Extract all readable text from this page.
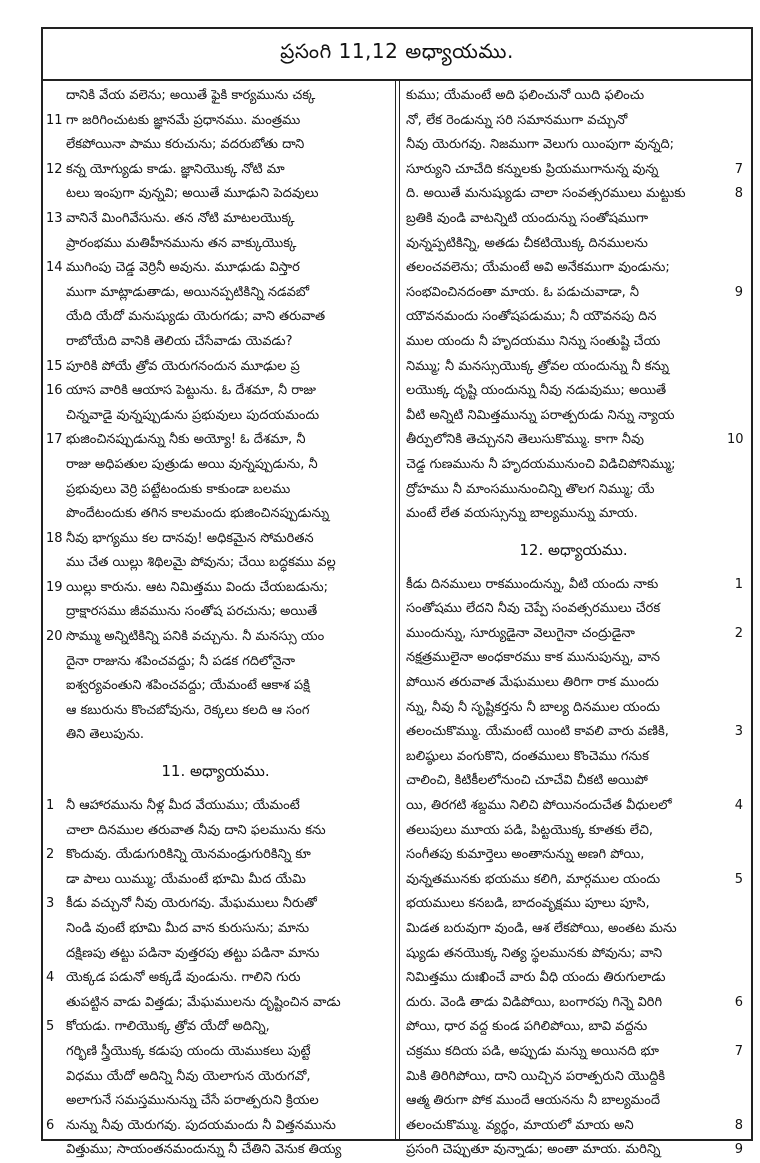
ప్రసంగి 11,12 అధ్యాయము.
దానికి వేయ వలెను; అయితే ఫైకి కార్యమును చక్క
11 గా జరిగించుటకు జ్ఞానమే ప్రధానము. మంత్రము
లేకపోయినా పాము కరుచును; వదరుబోతు దాని
12 కన్న యోగ్యుడు కాడు. జ్ఞానియొక్క నోటి మా
టలు ఇంపుగా వున్నవి; అయితే మూఢుని పెదవులు
13 వానినే మింగివేసును. తన నోటి మాటలయొక్క
ప్రారంభము మతిహీనమును తన వాక్కుయొక్క
14 ముగింపు చెడ్డ వెర్రినీ అవును. మూఢుడు విస్తార
ముగా మాట్లాడుతాడు, అయినప్పటికిన్ని నడవబో
యేది యేదో మనుష్యుడు యెరుగడు; వాని తరువాత
రాబోయేది వానికి తెలియ చేసేవాడు యెవడు?
15 పూరికి పోయే త్రోవ యెరుగనందున మూఢుల ప్ర
16 యాస వారికి ఆయాస పెట్టును. ఓ దేశమా, నీ రాజు
చిన్నవాడై వున్నప్పుడును ప్రభువులు పుదయమందు
17 భుజించినప్పుడున్ను నీకు అయ్యో! ఓ దేశమా, నీ
రాజు అధిపతుల పుత్రుడు అయి వున్నప్పుడును, నీ
ప్రభువులు వెర్రి పట్టేటందుకు కాకుండా బలము
పొందేటందుకు తగిన కాలమందు భుజించినప్పుడున్ను
18 నీవు భాగ్యము కల దానవు! అధికమైన సోమరితన
ము చేత యిల్లు శిథిలమై పోవును; చేయి బద్ధకము వల్ల
19 యిల్లు కారును. ఆట నిమిత్తము విందు చేయబడును;
ద్రాక్షారసము జీవమును సంతోష పరచును; అయితే
20 సొమ్ము అన్నిటికిన్ని పనికి వచ్చును. నీ మనస్సు యం
దైనా రాజును శపించవద్దు; నీ పడక గదిలోనైనా
ఐశ్వర్యవంతుని శపించవద్దు; యేమంటే ఆకాశ పక్షి
ఆ కబురును కొంచబోవును, రెక్కలు కలది ఆ సంగ
తిని తెలుపును.
11. అధ్యాయము.
1 నీ ఆహారమును నీళ్ల మీద వేయుము; యేమంటే
చాలా దినముల తరువాత నీవు దాని ఫలమును కను
2 కొందువు. యేడుగురికిన్ని యెనమండ్రుగురికిన్ని కూ
డా పాలు యిమ్ము; యేమంటే భూమి మీద యేమి
3 కీడు వచ్చునో నీవు యెరుగవు. మేఘములు నీరుతో
నిండి వుంటే భూమి మీద వాన కురుసును; మాను
దక్షిణపు తట్టు పడినా వుత్తరపు తట్టు పడినా మాను
4 యెక్కడ పడునో అక్కడే వుండును. గాలిని గురు
తుపట్టిన వాడు విత్తడు; మేఘములను దృష్టించిన వాడు
5 కోయడు. గాలియొక్క త్రోవ యేదో అదిన్ని,
గర్భిణి స్త్రీయొక్క కడుపు యందు యెముకలు పుట్టే
విధము యేదో అదిన్ని నీవు యెలాగున యెరుగవో,
అలాగునే సమస్తమునున్ను చేసే పరాత్పరుని క్రియల
6 నున్ను నీవు యెరుగవు. పుదయమందు నీ విత్తనమును
విత్తుము; సాయంతనమందున్ను నీ చేతిని వెనుక తియ్య
కుము; యేమంటే అది ఫలించునో యిది ఫలించు
నో, లేక రెండున్ను సరి సమానముగా వచ్చునో
నీవు యెరుగవు. నిజముగా వెలుగు యింపుగా వున్నది;
7
సూర్యుని చూచేది కన్నులకు ప్రియముగానున్న వున్న
8
ది. అయితే మనుష్యుడు చాలా సంవత్సరములు మట్టుకు
బ్రతికి వుండి వాటన్నిటి యందున్ను సంతోషముగా
వున్నప్పటికిన్ని, అతడు చీకటియొక్క దినములను
తలంచవలెను; యేమంటే అవి అనేకముగా వుండును;
9
సంభవించినదంతా మాయ. ఓ పడుచువాడా, నీ
యౌవనమందు సంతోషపడుము; నీ యౌవనపు దిన
ముల యందు నీ హృదయము నిన్ను సంతుష్టి చేయ
నిమ్ము; నీ మనస్సుయొక్క త్రోవల యందున్ను నీ కన్ను
లయొక్క దృష్టి యందున్ను నీవు నడువుము; అయితే
వీటి అన్నిటి నిమిత్తమున్ను పరాత్పరుడు నిన్ను న్యాయ
10
తీర్పులోనికి తెచ్చునని తెలుసుకొమ్ము. కాగా నీవు
చెడ్డ గుణమును నీ హృదయమునుంచి విడిచిపోనిమ్ము;
ద్రోహము నీ మాంసమునుంచిన్ని తొలగ నిమ్ము; యే
మంటే లేత వయస్సున్ను బాల్యమున్ను మాయ.
12. అధ్యాయము.
1
కీడు దినములు రాకముందున్ను, వీటి యందు నాకు
సంతోషము లేదని నీవు చెప్పే సంవత్సరములు చేరక
2
ముందున్ను, సూర్యుడైనా వెలుగైనా చంద్రుడైనా
నక్షత్రములైనా అంధకారము కాక మునుపున్ను, వాన
పోయిన తరువాత మేఘములు తిరిగా రాక ముందు
న్ను, నీవు నీ సృష్టికర్తను నీ బాల్య దినముల యందు
3
తలంచుకొమ్ము. యేమంటే యింటి కావలి వారు వణికి,
బలిష్ఠులు వంగుకొని, దంతములు కొంచెము గనుక
చాలించి, కిటికీలలోనుంచి చూచేవి చీకటి అయిపో
4
యి, తిరగటి శబ్దము నిలిచి పోయినందుచేత వీధులలో
తలుపులు మూయ పడి, పిట్టయొక్క కూతకు లేచి,
సంగీతపు కుమార్తెలు అంతానున్ను అణగి పోయి,
5
వున్నతమునకు భయము కలిగి, మార్గముల యందు
భయములు కనబడి, బాదంవృక్షము పూలు పూసి,
మిడత బరువుగా వుండి, ఆశ లేకపోయి, అంతట మను
ష్యుడు తనయొక్క నిత్య స్థలమునకు పోవును; వాని
నిమిత్తము దుఃఖించే వారు వీధి యందు తిరుగులాడు
6
దురు. వెండి తాడు విడిపోయి, బంగారపు గిన్నె విరిగి
పోయి, ధార వద్ద కుండ పగిలిపోయి, బావి వద్దను
7
చక్రము కదియ పడి, అప్పుడు మన్ను అయినది భూ
మికి తిరిగిపోయి, దాని యిచ్చిన పరాత్పరుని యొద్దికి
ఆత్మ తిరుగా పోక ముందే ఆయనను నీ బాల్యమందే
8
తలంచుకొమ్ము. వ్యర్థం, మాయలో మాయ అని
9
ప్రసంగి చెప్పుతూ వున్నాడు; అంతా మాయ. మరిన్ని
